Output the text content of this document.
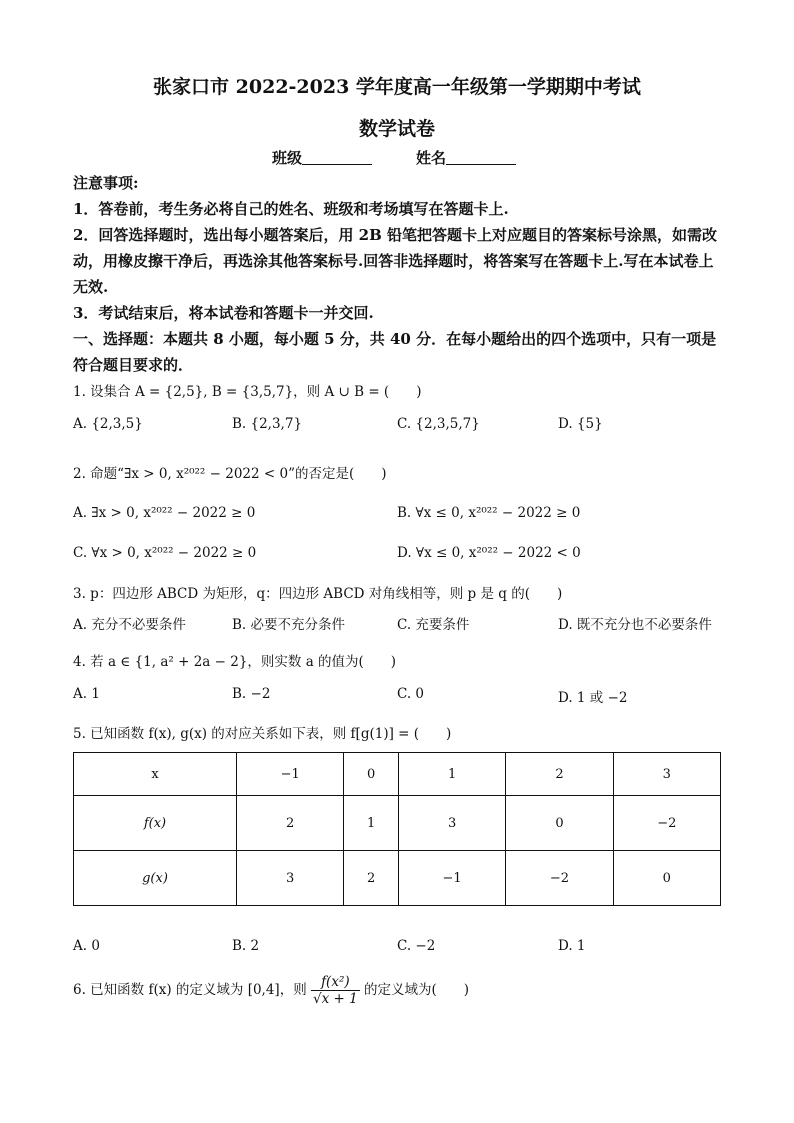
张家口市 2022-2023 学年度高一年级第一学期期中考试
数学试卷
班级	姓名
注意事项:
1．答卷前，考生务必将自己的姓名、班级和考场填写在答题卡上.
2．回答选择题时，选出每小题答案后，用 2B 铅笔把答题卡上对应题目的答案标号涂黑，如需改动，用橡皮擦干净后，再选涂其他答案标号.回答非选择题时，将答案写在答题卡上.写在本试卷上无效.
3．考试结束后，将本试卷和答题卡一并交回.
一、选择题：本题共 8 小题，每小题 5 分，共 40 分．在每小题给出的四个选项中，只有一项是符合题目要求的．
1. 设集合 A = {2,5}, B = {3,5,7}，则 A ∪ B = (　　)
A. {2,3,5}	B. {2,3,7}	C. {2,3,5,7}	D. {5}
2. 命题“∃x > 0, x²⁰²² − 2022 < 0”的否定是(　　)
A. ∃x > 0, x²⁰²² − 2022 ≥ 0	B. ∀x ≤ 0, x²⁰²² − 2022 ≥ 0
C. ∀x > 0, x²⁰²² − 2022 ≥ 0	D. ∀x ≤ 0, x²⁰²² − 2022 < 0
3. p：四边形 ABCD 为矩形，q：四边形 ABCD 对角线相等，则 p 是 q 的(　　)
A. 充分不必要条件	B. 必要不充分条件	C. 充要条件	D. 既不充分也不必要条件
4. 若 a ∈ {1, a² + 2a − 2}，则实数 a 的值为(　　)
A. 1	B. −2	C. 0	D. 1 或 −2
5. 已知函数 f(x), g(x) 的对应关系如下表，则 f[g(1)] = (　　)
x	−1	0	1	2	3
f(x)	2	1	3	0	−2
g(x)	3	2	−1	−2	0
A. 0	B. 2	C. −2	D. 1
6. 已知函数 f(x) 的定义域为 [0,4]，则 $\frac{\text{f(x²)}}{√x + 1}$ 的定义域为(　　)
